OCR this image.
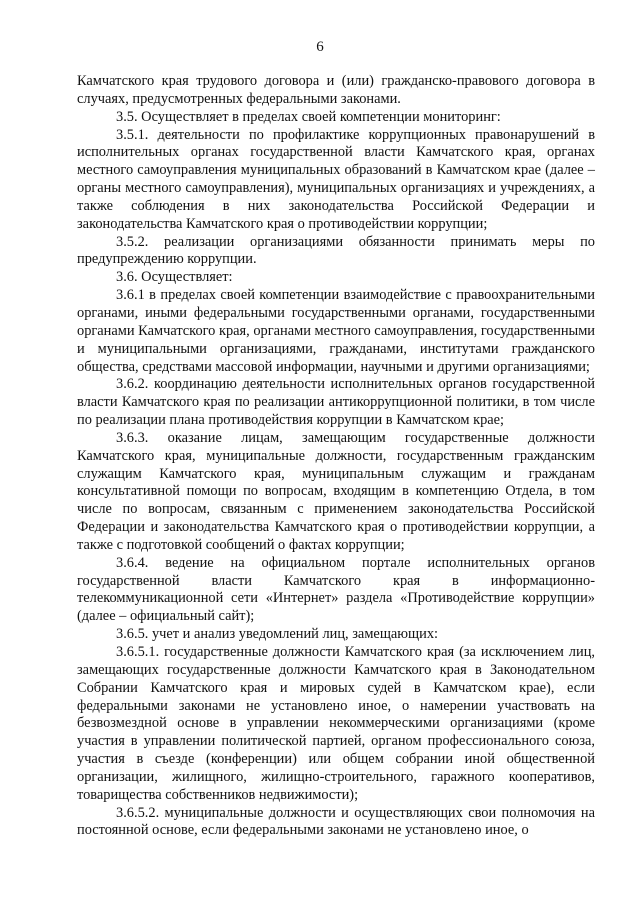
6

Камчатского края трудового договора и (или) гражданско-правового договора в случаях, предусмотренных федеральными законами.

3.5. Осуществляет в пределах своей компетенции мониторинг:

3.5.1. деятельности по профилактике коррупционных правонарушений в исполнительных органах государственной власти Камчатского края, органах местного самоуправления муниципальных образований в Камчатском крае (далее – органы местного самоуправления), муниципальных организациях и учреждениях, а также соблюдения в них законодательства Российской Федерации и законодательства Камчатского края о противодействии коррупции;

3.5.2. реализации организациями обязанности принимать меры по предупреждению коррупции.

3.6. Осуществляет:

3.6.1 в пределах своей компетенции взаимодействие с правоохранительными органами, иными федеральными государственными органами, государственными органами Камчатского края, органами местного самоуправления, государственными и муниципальными организациями, гражданами, институтами гражданского общества, средствами массовой информации, научными и другими организациями;

3.6.2. координацию деятельности исполнительных органов государственной власти Камчатского края по реализации антикоррупционной политики, в том числе по реализации плана противодействия коррупции в Камчатском крае;

3.6.3. оказание лицам, замещающим государственные должности Камчатского края, муниципальные должности, государственным гражданским служащим Камчатского края, муниципальным служащим и гражданам консультативной помощи по вопросам, входящим в компетенцию Отдела, в том числе по вопросам, связанным с применением законодательства Российской Федерации и законодательства Камчатского края о противодействии коррупции, а также с подготовкой сообщений о фактах коррупции;

3.6.4. ведение на официальном портале исполнительных органов государственной власти Камчатского края в информационно-телекоммуникационной сети «Интернет» раздела «Противодействие коррупции» (далее – официальный сайт);

3.6.5. учет и анализ уведомлений лиц, замещающих:

3.6.5.1. государственные должности Камчатского края (за исключением лиц, замещающих государственные должности Камчатского края в Законодательном Собрании Камчатского края и мировых судей в Камчатском крае), если федеральными законами не установлено иное, о намерении участвовать на безвозмездной основе в управлении некоммерческими организациями (кроме участия в управлении политической партией, органом профессионального союза, участия в съезде (конференции) или общем собрании иной общественной организации, жилищного, жилищно-строительного, гаражного кооперативов, товарищества собственников недвижимости);

3.6.5.2. муниципальные должности и осуществляющих свои полномочия на постоянной основе, если федеральными законами не установлено иное, о
